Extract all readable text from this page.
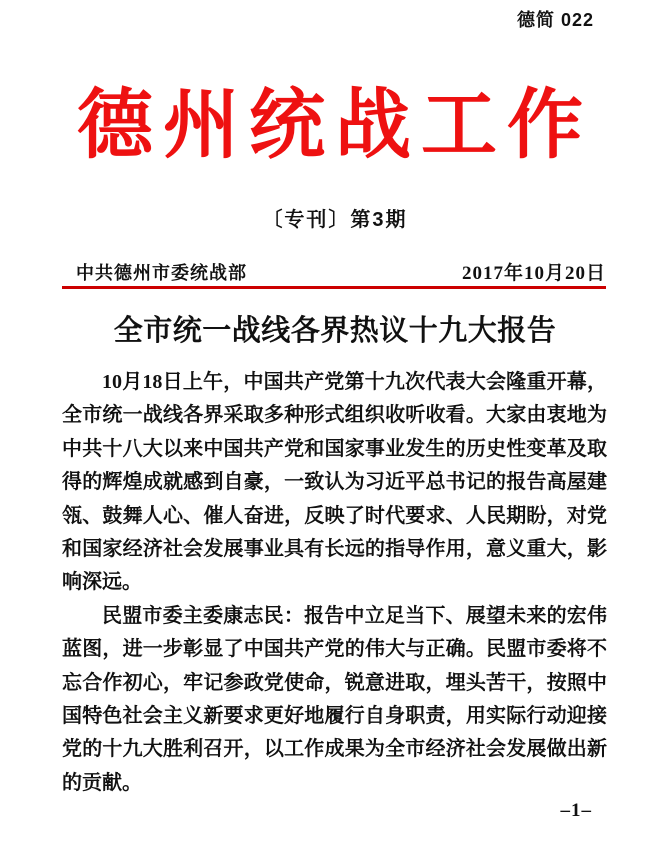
德简 022
德州统战工作
〔专刊〕第3期
中共德州市委统战部	2017年10月20日
全市统一战线各界热议十九大报告

10月18日上午，中国共产党第十九次代表大会隆重开幕，全市统一战线各界采取多种形式组织收听收看。大家由衷地为中共十八大以来中国共产党和国家事业发生的历史性变革及取得的辉煌成就感到自豪，一致认为习近平总书记的报告高屋建瓴、鼓舞人心、催人奋进，反映了时代要求、人民期盼，对党和国家经济社会发展事业具有长远的指导作用，意义重大，影响深远。

民盟市委主委康志民：报告中立足当下、展望未来的宏伟蓝图，进一步彰显了中国共产党的伟大与正确。民盟市委将不忘合作初心，牢记参政党使命，锐意进取，埋头苦干，按照中国特色社会主义新要求更好地履行自身职责，用实际行动迎接党的十九大胜利召开，以工作成果为全市经济社会发展做出新的贡献。

–1–
